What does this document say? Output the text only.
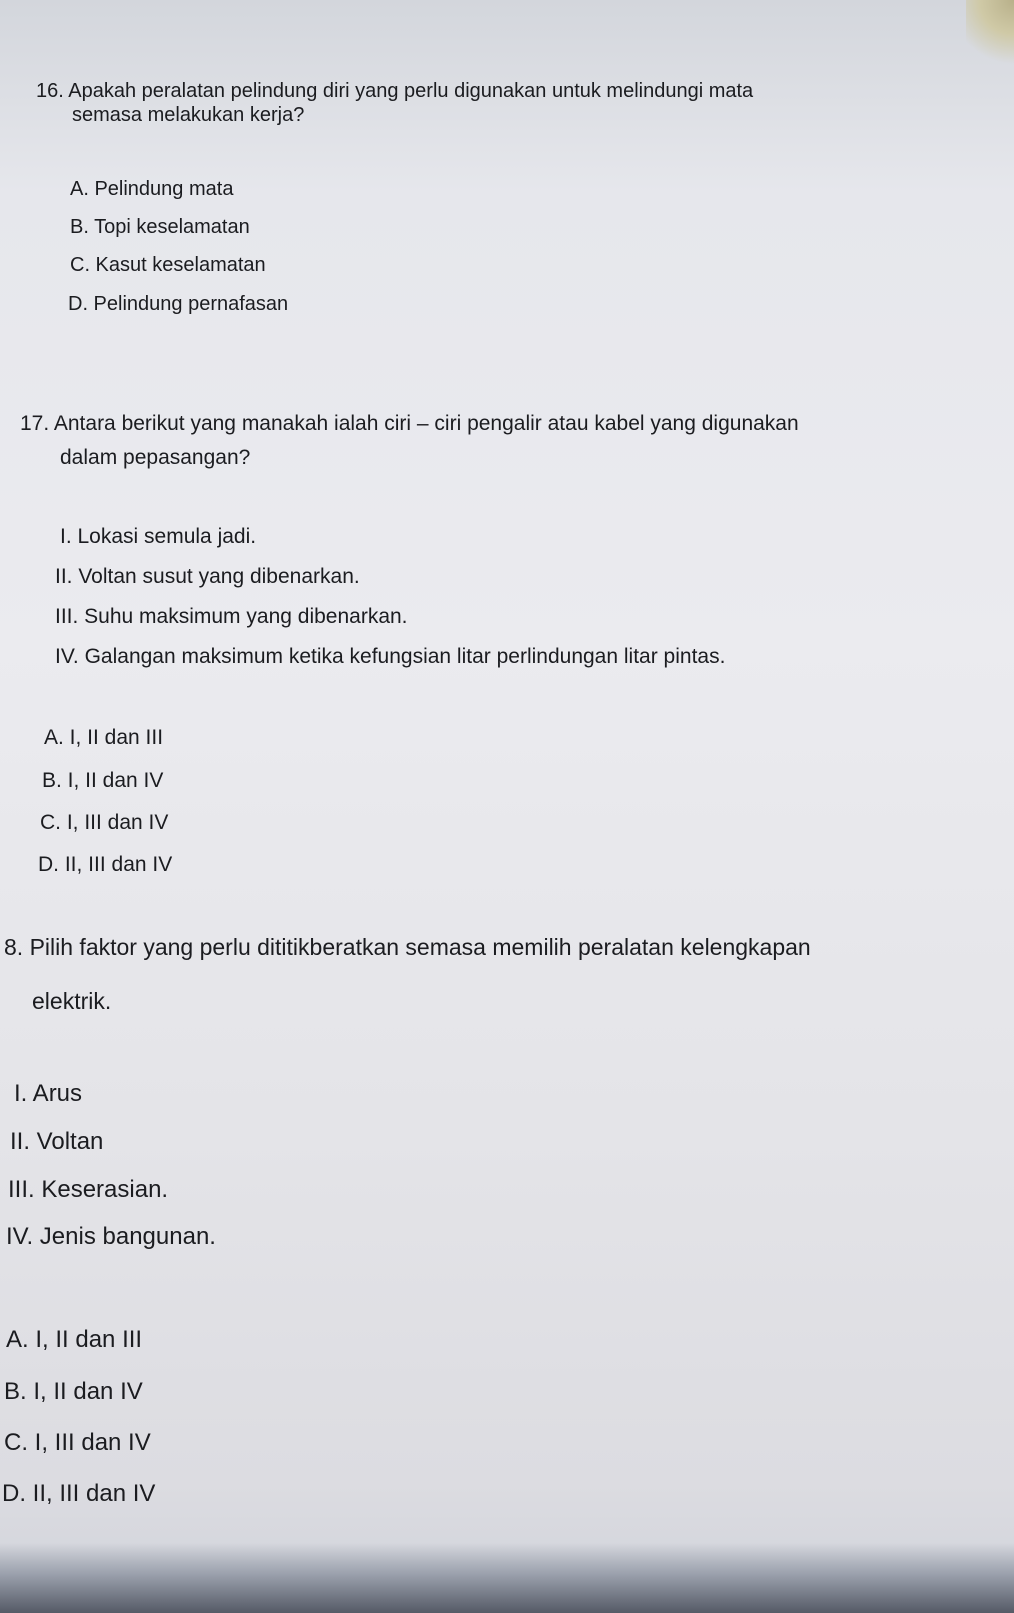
16. Apakah peralatan pelindung diri yang perlu digunakan untuk melindungi mata
semasa melakukan kerja?
A. Pelindung mata
B. Topi keselamatan
C. Kasut keselamatan
D. Pelindung pernafasan
17. Antara berikut yang manakah ialah ciri – ciri pengalir atau kabel yang digunakan
dalam pepasangan?
I. Lokasi semula jadi.
II. Voltan susut yang dibenarkan.
III. Suhu maksimum yang dibenarkan.
IV. Galangan maksimum ketika kefungsian litar perlindungan litar pintas.
A. I, II dan III
B. I, II dan IV
C. I, III dan IV
D. II, III dan IV
8. Pilih faktor yang perlu dititikberatkan semasa memilih peralatan kelengkapan
elektrik.
I. Arus
II. Voltan
III. Keserasian.
IV. Jenis bangunan.
A. I, II dan III
B. I, II dan IV
C. I, III dan IV
D. II, III dan IV
